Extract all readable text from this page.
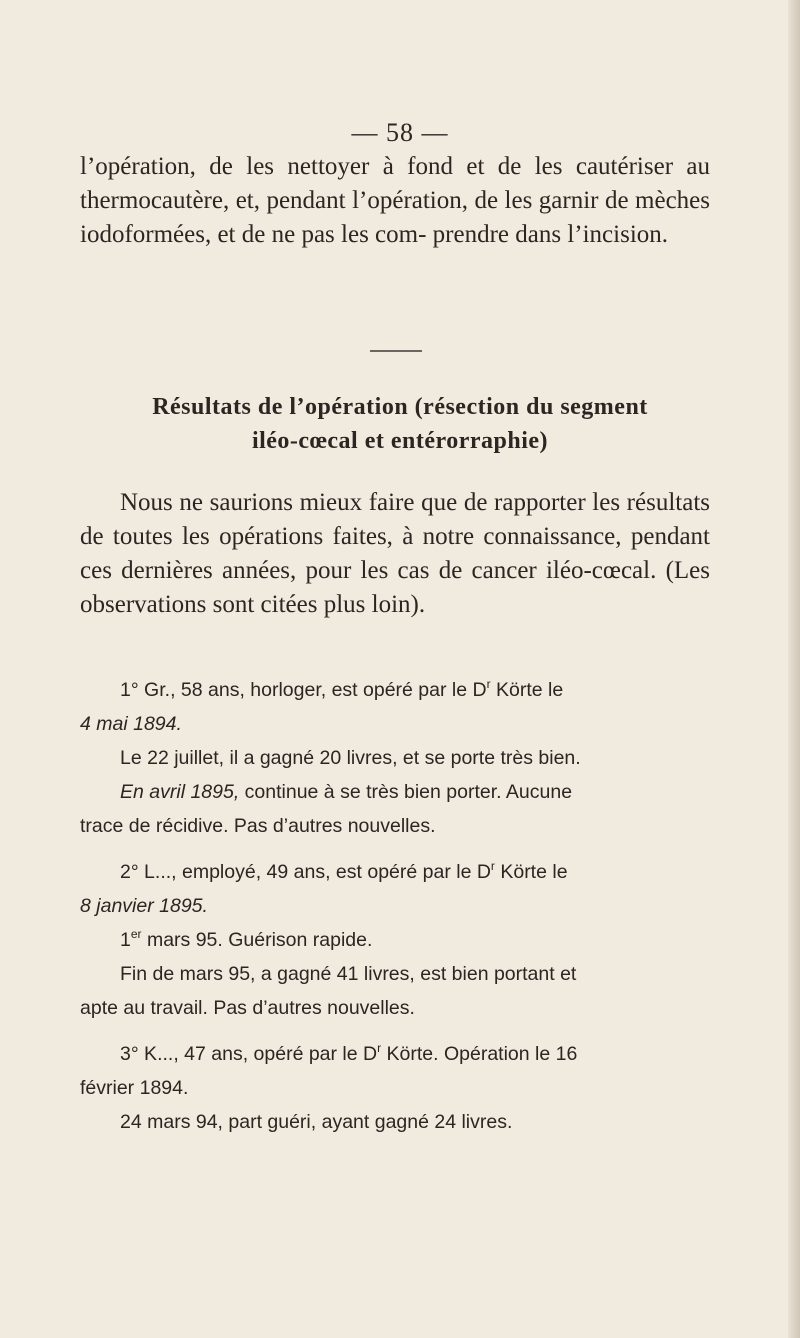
— 58 —

l’opération, de les nettoyer à fond et de les cautériser au thermocautère, et, pendant l’opération, de les garnir de mèches iodoformées, et de ne pas les com- prendre dans l’incision.

Résultats de l’opération (résection du segment
iléo-cœcal et entérorraphie)

Nous ne saurions mieux faire que de rapporter les résultats de toutes les opérations faites, à notre connaissance, pendant ces dernières années, pour les cas de cancer iléo-cœcal. (Les observations sont citées plus loin).

1° Gr., 58 ans, horloger, est opéré par le $D^r$ Körte le
4 mai 1894.
Le 22 juillet, il a gagné 20 livres, et se porte très bien.
En avril 1895, continue à se très bien porter. Aucune
trace de récidive. Pas d’autres nouvelles.
2° L..., employé, 49 ans, est opéré par le $D^r$ Körte le
8 janvier 1895.
1er mars 95. Guérison rapide.
Fin de mars 95, a gagné 41 livres, est bien portant et
apte au travail. Pas d’autres nouvelles.
3° K..., 47 ans, opéré par le $D^r$ Körte. Opération le 16
février 1894.
24 mars 94, part guéri, ayant gagné 24 livres.
